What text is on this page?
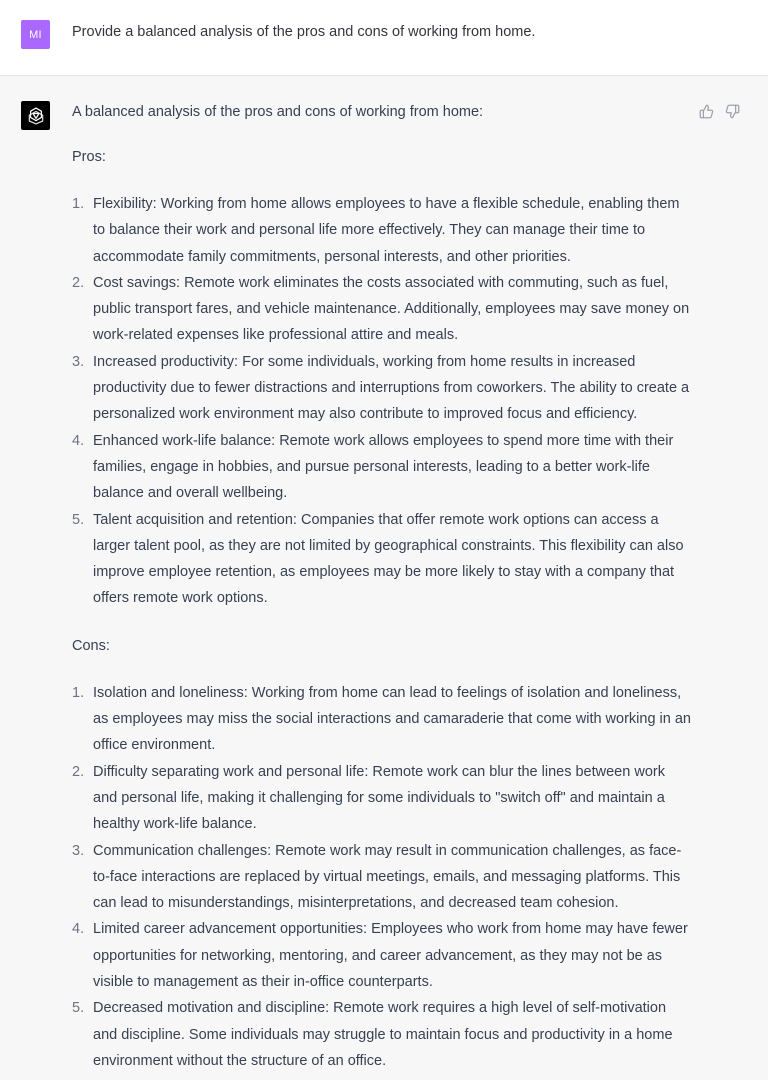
MI	Provide a balanced analysis of the pros and cons of working from home.

A balanced analysis of the pros and cons of working from home:

Pros:

1. Flexibility: Working from home allows employees to have a flexible schedule, enabling them to balance their work and personal life more effectively. They can manage their time to accommodate family commitments, personal interests, and other priorities.
2. Cost savings: Remote work eliminates the costs associated with commuting, such as fuel, public transport fares, and vehicle maintenance. Additionally, employees may save money on work-related expenses like professional attire and meals.
3. Increased productivity: For some individuals, working from home results in increased productivity due to fewer distractions and interruptions from coworkers. The ability to create a personalized work environment may also contribute to improved focus and efficiency.
4. Enhanced work-life balance: Remote work allows employees to spend more time with their families, engage in hobbies, and pursue personal interests, leading to a better work-life balance and overall wellbeing.
5. Talent acquisition and retention: Companies that offer remote work options can access a larger talent pool, as they are not limited by geographical constraints. This flexibility can also improve employee retention, as employees may be more likely to stay with a company that offers remote work options.

Cons:

1. Isolation and loneliness: Working from home can lead to feelings of isolation and loneliness, as employees may miss the social interactions and camaraderie that come with working in an office environment.
2. Difficulty separating work and personal life: Remote work can blur the lines between work and personal life, making it challenging for some individuals to "switch off" and maintain a healthy work-life balance.
3. Communication challenges: Remote work may result in communication challenges, as face-to-face interactions are replaced by virtual meetings, emails, and messaging platforms. This can lead to misunderstandings, misinterpretations, and decreased team cohesion.
4. Limited career advancement opportunities: Employees who work from home may have fewer opportunities for networking, mentoring, and career advancement, as they may not be as visible to management as their in-office counterparts.
5. Decreased motivation and discipline: Remote work requires a high level of self-motivation and discipline. Some individuals may struggle to maintain focus and productivity in a home environment without the structure of an office.
